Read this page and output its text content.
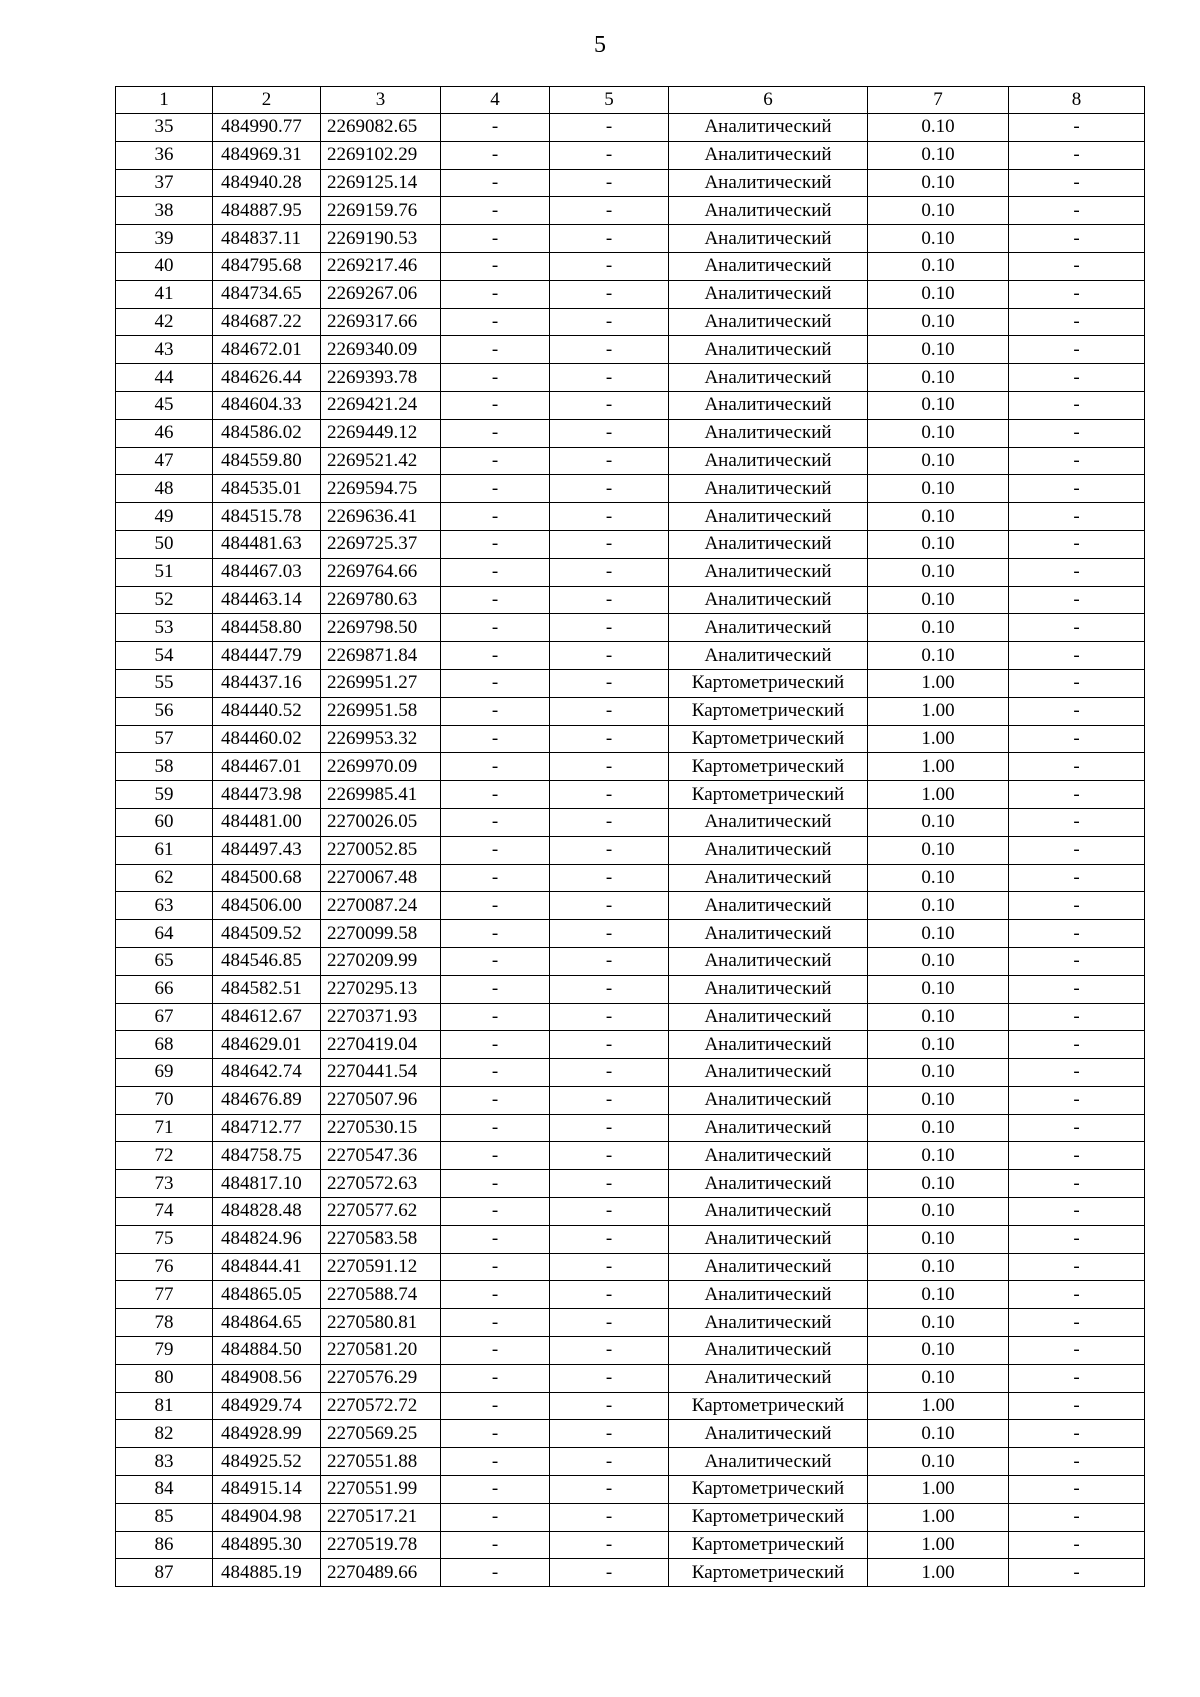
5
1	2	3	4	5	6	7	8
35	484990.77	2269082.65	-	-	Аналитический	0.10	-
36	484969.31	2269102.29	-	-	Аналитический	0.10	-
37	484940.28	2269125.14	-	-	Аналитический	0.10	-
38	484887.95	2269159.76	-	-	Аналитический	0.10	-
39	484837.11	2269190.53	-	-	Аналитический	0.10	-
40	484795.68	2269217.46	-	-	Аналитический	0.10	-
41	484734.65	2269267.06	-	-	Аналитический	0.10	-
42	484687.22	2269317.66	-	-	Аналитический	0.10	-
43	484672.01	2269340.09	-	-	Аналитический	0.10	-
44	484626.44	2269393.78	-	-	Аналитический	0.10	-
45	484604.33	2269421.24	-	-	Аналитический	0.10	-
46	484586.02	2269449.12	-	-	Аналитический	0.10	-
47	484559.80	2269521.42	-	-	Аналитический	0.10	-
48	484535.01	2269594.75	-	-	Аналитический	0.10	-
49	484515.78	2269636.41	-	-	Аналитический	0.10	-
50	484481.63	2269725.37	-	-	Аналитический	0.10	-
51	484467.03	2269764.66	-	-	Аналитический	0.10	-
52	484463.14	2269780.63	-	-	Аналитический	0.10	-
53	484458.80	2269798.50	-	-	Аналитический	0.10	-
54	484447.79	2269871.84	-	-	Аналитический	0.10	-
55	484437.16	2269951.27	-	-	Картометрический	1.00	-
56	484440.52	2269951.58	-	-	Картометрический	1.00	-
57	484460.02	2269953.32	-	-	Картометрический	1.00	-
58	484467.01	2269970.09	-	-	Картометрический	1.00	-
59	484473.98	2269985.41	-	-	Картометрический	1.00	-
60	484481.00	2270026.05	-	-	Аналитический	0.10	-
61	484497.43	2270052.85	-	-	Аналитический	0.10	-
62	484500.68	2270067.48	-	-	Аналитический	0.10	-
63	484506.00	2270087.24	-	-	Аналитический	0.10	-
64	484509.52	2270099.58	-	-	Аналитический	0.10	-
65	484546.85	2270209.99	-	-	Аналитический	0.10	-
66	484582.51	2270295.13	-	-	Аналитический	0.10	-
67	484612.67	2270371.93	-	-	Аналитический	0.10	-
68	484629.01	2270419.04	-	-	Аналитический	0.10	-
69	484642.74	2270441.54	-	-	Аналитический	0.10	-
70	484676.89	2270507.96	-	-	Аналитический	0.10	-
71	484712.77	2270530.15	-	-	Аналитический	0.10	-
72	484758.75	2270547.36	-	-	Аналитический	0.10	-
73	484817.10	2270572.63	-	-	Аналитический	0.10	-
74	484828.48	2270577.62	-	-	Аналитический	0.10	-
75	484824.96	2270583.58	-	-	Аналитический	0.10	-
76	484844.41	2270591.12	-	-	Аналитический	0.10	-
77	484865.05	2270588.74	-	-	Аналитический	0.10	-
78	484864.65	2270580.81	-	-	Аналитический	0.10	-
79	484884.50	2270581.20	-	-	Аналитический	0.10	-
80	484908.56	2270576.29	-	-	Аналитический	0.10	-
81	484929.74	2270572.72	-	-	Картометрический	1.00	-
82	484928.99	2270569.25	-	-	Аналитический	0.10	-
83	484925.52	2270551.88	-	-	Аналитический	0.10	-
84	484915.14	2270551.99	-	-	Картометрический	1.00	-
85	484904.98	2270517.21	-	-	Картометрический	1.00	-
86	484895.30	2270519.78	-	-	Картометрический	1.00	-
87	484885.19	2270489.66	-	-	Картометрический	1.00	-
